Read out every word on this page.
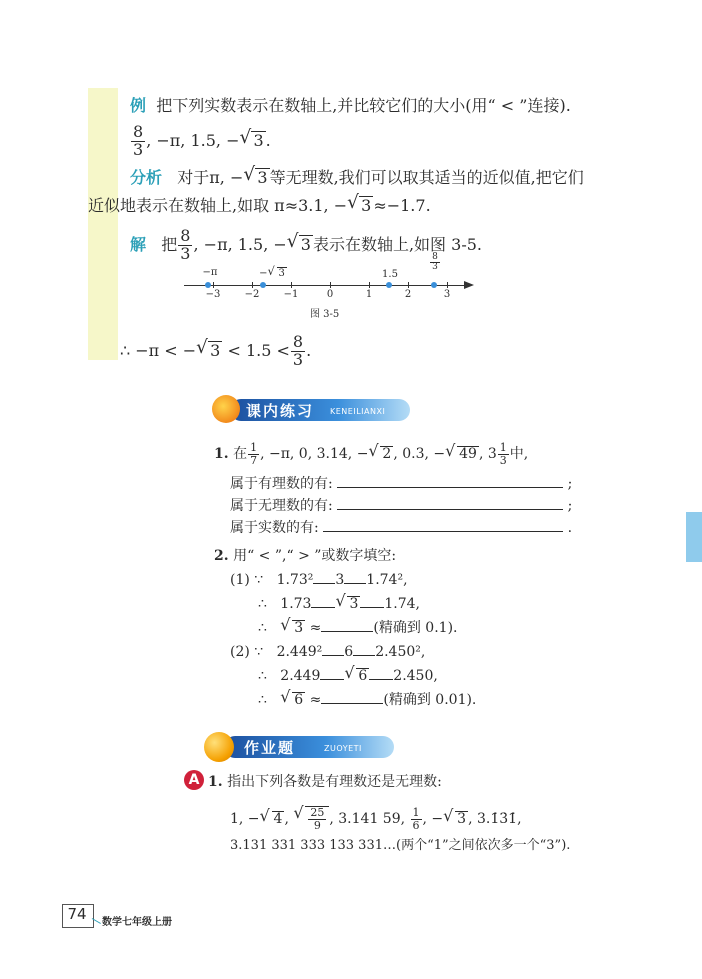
例 把下列实数表示在数轴上,并比较它们的大小(用“ < ”连接).
$\frac{8}{3}$ , −π, 1.5, − √ 3 .
分析 对于π, − √ 3 等无理数,我们可以取其适当的近似值,把它们
近似地表示在数轴上,如取 π≈3.1, − √ 3 ≈−1.7.
解 把 $\frac{8}{3}$ , −π, 1.5, − √ 3 表示在数轴上,如图 3-5.
−3 −2 −1	0	1	2	3
−π	− √ 3	1.5
$\frac{8}{3}$
图 3-5
∴ −π < − √ $3 < 1.5 < \frac{8}{3}$ .
课内练习 KENEILIANXI
1. 在 $\frac{1}{7}$ , −π, 0, 3.14, − √ 2 , 0.3, − √ 49 , $3 \frac{1}{3}$ 中,
属于有理数的有:	;
属于无理数的有:	;
属于实数的有:	.
2. 用“ < ”,“ > ”或数字填空:
(1) ∵ 1.73² 3 1.74²,
∴ 1.73	√ 3 1.74,
∴ √ 3 ≈	(精确到 0.1).
(2) ∵ 2.449² 6 2.450²,
∴ 2.449	√ 6 2.450,
∴ √ 6 ≈	(精确到 0.01).
作业题	ZUOYETI
A 1. 指出下列各数是有理数还是无理数:
1, − √ 4 , √ $\frac{25}{9}$ , 3.141 59, $\frac{1}{6}$ , − √ 3 , 3.1̇3̇1̇,
3.131 331 333 133 331…(两个“1”之间依次多一个“3”).
74	数学七年级上册
